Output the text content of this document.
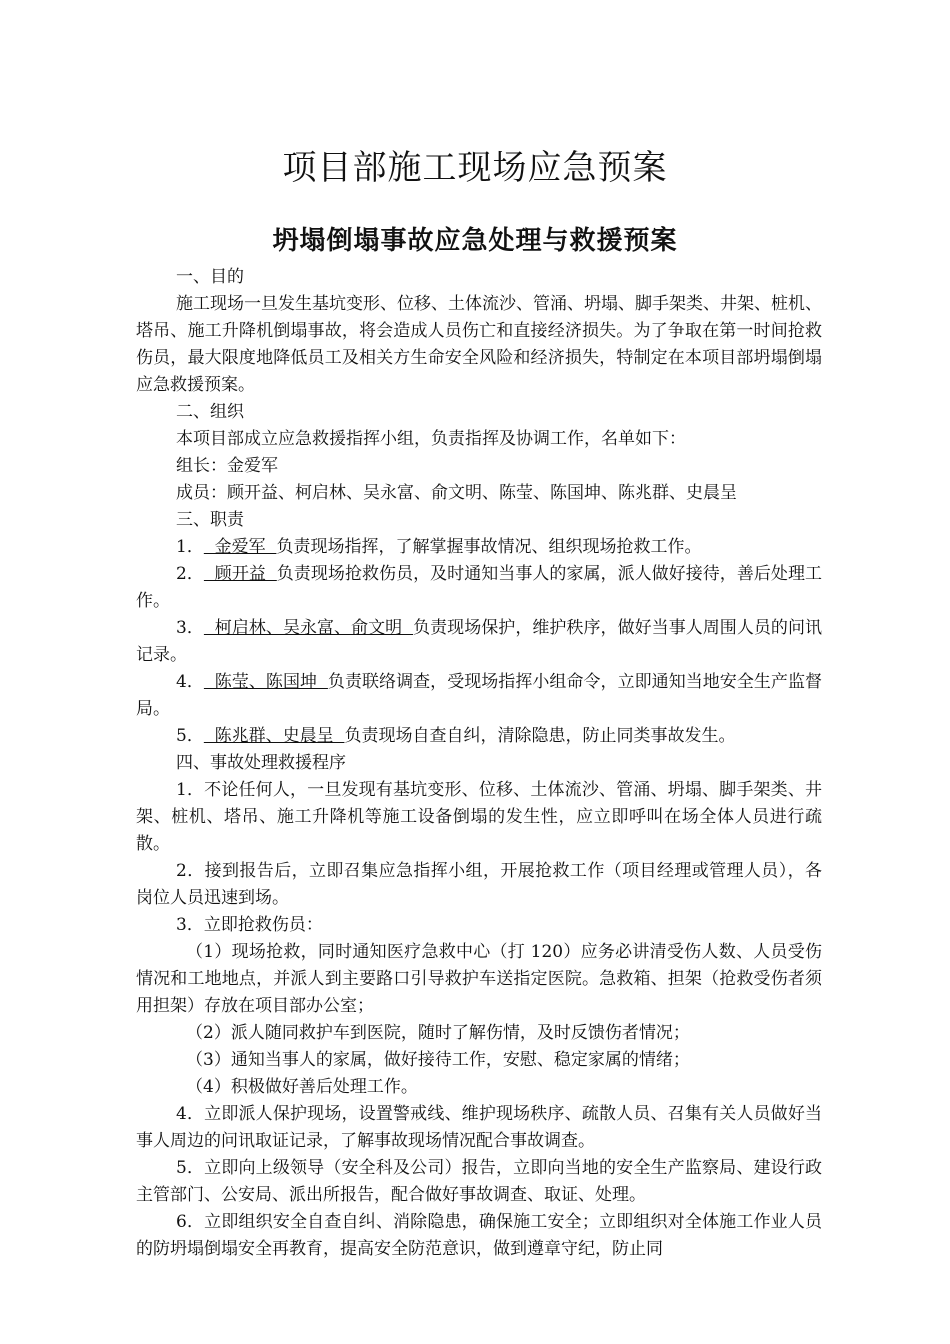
项目部施工现场应急预案
坍塌倒塌事故应急处理与救援预案

一、目的

施工现场一旦发生基坑变形、位移、土体流沙、管涌、坍塌、脚手架类、井架、桩机、塔吊、施工升降机倒塌事故，将会造成人员伤亡和直接经济损失。为了争取在第一时间抢救伤员，最大限度地降低员工及相关方生命安全风险和经济损失，特制定在本项目部坍塌倒塌应急救援预案。

二、组织

本项目部成立应急救援指挥小组，负责指挥及协调工作，名单如下：

组长：金爱军

成员：顾开益、柯启林、吴永富、俞文明、陈莹、陈国坤、陈兆群、史晨呈

三、职责

1．  金爱军  负责现场指挥，了解掌握事故情况、组织现场抢救工作。

2．  顾开益  负责现场抢救伤员，及时通知当事人的家属，派人做好接待，善后处理工作。

3．  柯启林、吴永富、俞文明  负责现场保护，维护秩序，做好当事人周围人员的问讯记录。

4．  陈莹、陈国坤  负责联络调查，受现场指挥小组命令，立即通知当地安全生产监督局。

5．  陈兆群、史晨呈  负责现场自查自纠，清除隐患，防止同类事故发生。

四、事故处理救援程序

1．不论任何人，一旦发现有基坑变形、位移、土体流沙、管涌、坍塌、脚手架类、井架、桩机、塔吊、施工升降机等施工设备倒塌的发生性，应立即呼叫在场全体人员进行疏散。

2．接到报告后，立即召集应急指挥小组，开展抢救工作（项目经理或管理人员），各岗位人员迅速到场。

3．立即抢救伤员：

（1）现场抢救，同时通知医疗急救中心（打 120）应务必讲清受伤人数、人员受伤情况和工地地点，并派人到主要路口引导救护车送指定医院。急救箱、担架（抢救受伤者须用担架）存放在项目部办公室；

（2）派人随同救护车到医院，随时了解伤情，及时反馈伤者情况；

（3）通知当事人的家属，做好接待工作，安慰、稳定家属的情绪；

（4）积极做好善后处理工作。

4．立即派人保护现场，设置警戒线、维护现场秩序、疏散人员、召集有关人员做好当事人周边的问讯取证记录，了解事故现场情况配合事故调查。

5．立即向上级领导（安全科及公司）报告，立即向当地的安全生产监察局、建设行政主管部门、公安局、派出所报告，配合做好事故调查、取证、处理。

6．立即组织安全自查自纠、消除隐患，确保施工安全；立即组织对全体施工作业人员的防坍塌倒塌安全再教育，提高安全防范意识，做到遵章守纪，防止同
